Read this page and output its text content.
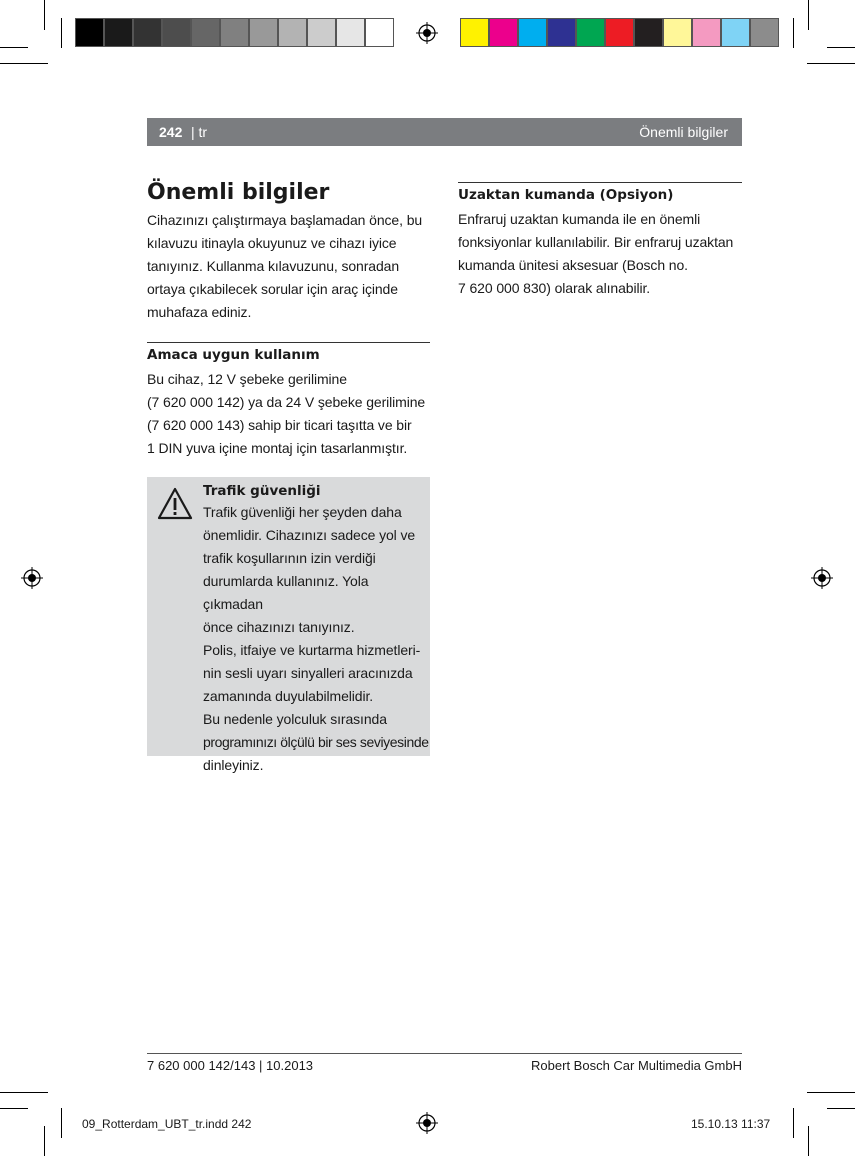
242 | tr	Önemli bilgiler
Önemli bilgiler
Cihazınızı çalıştırmaya başlamadan önce, bu
kılavuzu itinayla okuyunuz ve cihazı iyice
tanıyınız. Kullanma kılavuzunu, sonradan
ortaya çıkabilecek sorular için araç içinde
muhafaza ediniz.
Amaca uygun kullanım
Bu cihaz, 12 V şebeke gerilimine
(7 620 000 142) ya da 24 V şebeke gerilimine
(7 620 000 143) sahip bir ticari taşıtta ve bir
1 DIN yuva içine montaj için tasarlanmıştır.
Trafik güvenliği
Trafik güvenliği her şeyden daha
önemlidir. Cihazınızı sadece yol ve
trafik koşullarının izin verdiği
durumlarda kullanınız. Yola çıkmadan
önce cihazınızı tanıyınız.
Polis, itfaiye ve kurtarma hizmetleri-
nin sesli uyarı sinyalleri aracınızda
zamanında duyulabilmelidir.
Bu nedenle yolculuk sırasında
programınızı ölçülü bir ses seviyesinde
dinleyiniz.
Uzaktan kumanda (Opsiyon)
Enfraruj uzaktan kumanda ile en önemli
fonksiyonlar kullanılabilir. Bir enfraruj uzaktan
kumanda ünitesi aksesuar (Bosch no.
7 620 000 830) olarak alınabilir.
7 620 000 142/143 | 10.2013	Robert Bosch Car Multimedia GmbH
09_Rotterdam_UBT_tr.indd 242	15.10.13 11:37
